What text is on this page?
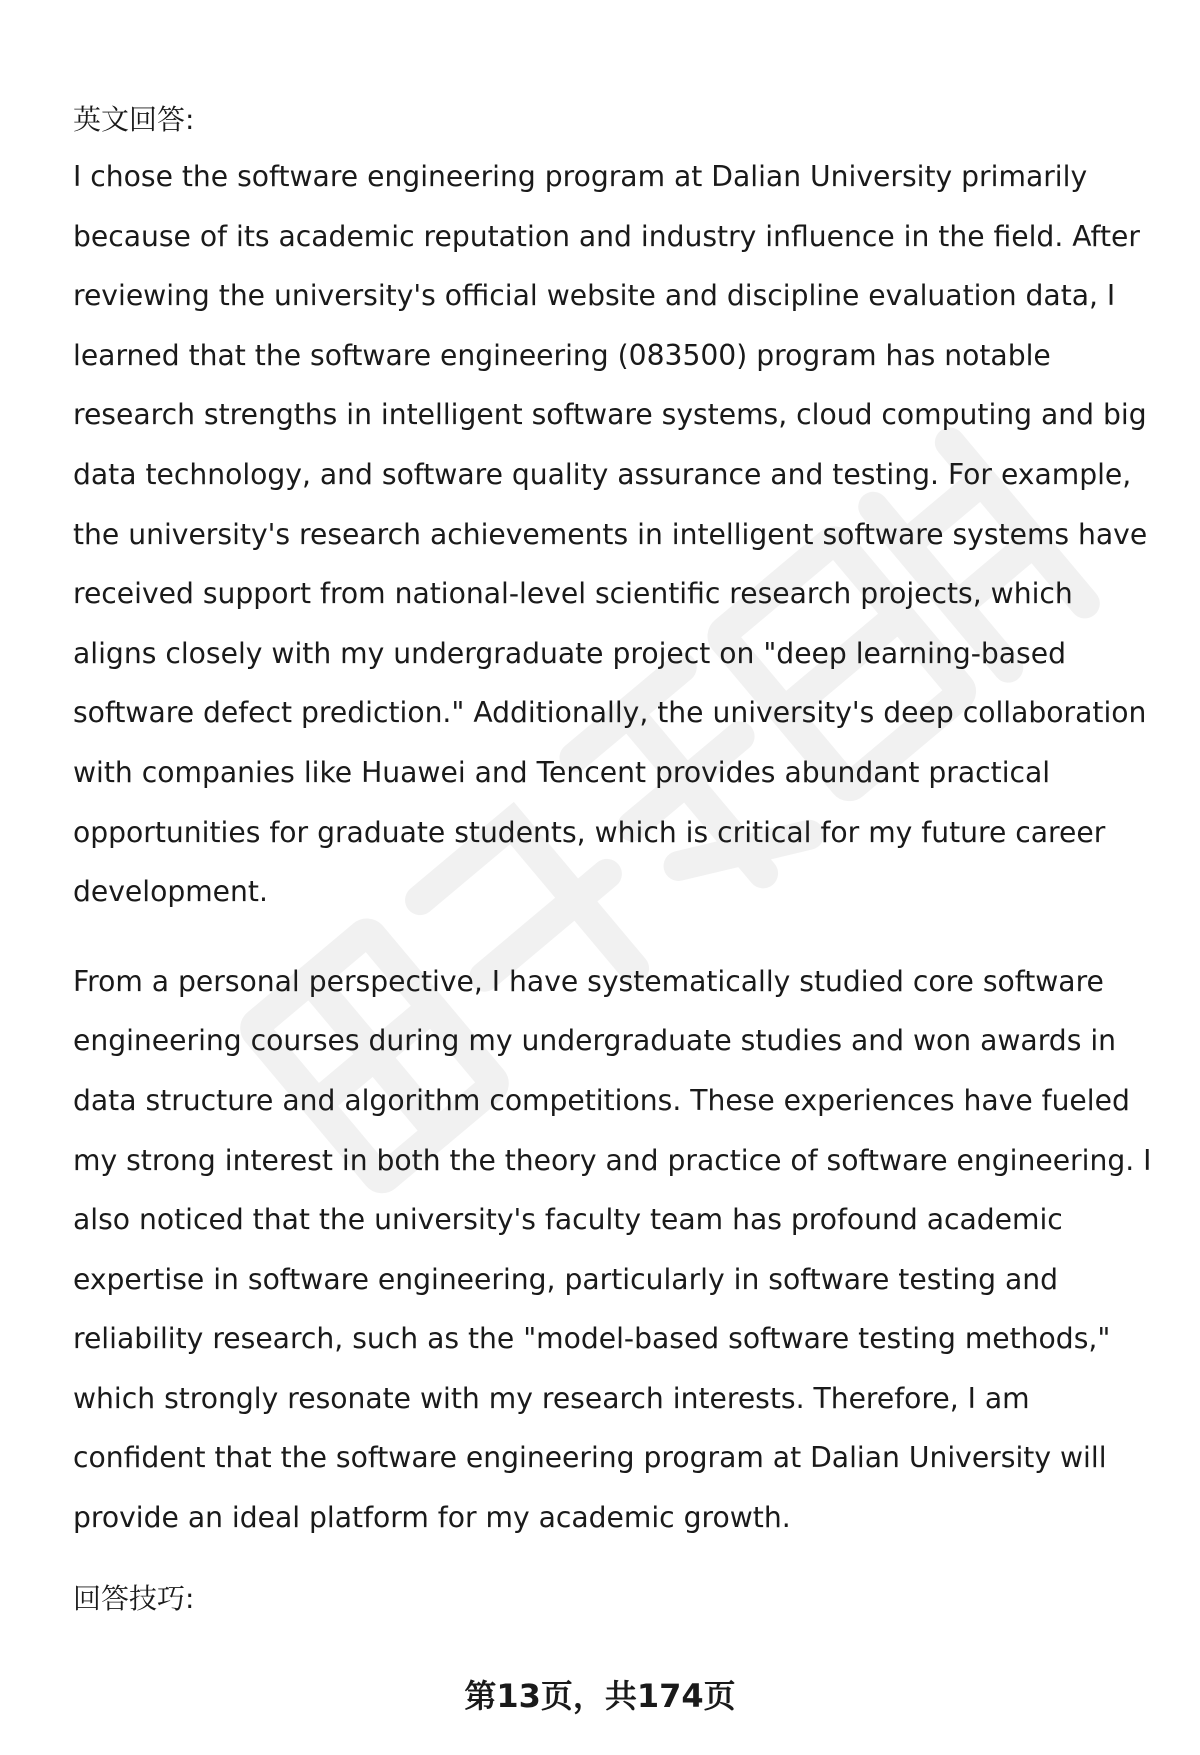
英文回答:

I chose the software engineering program at Dalian University primarily because of its academic reputation and industry influence in the field. After reviewing the university's official website and discipline evaluation data, I learned that the software engineering (083500) program has notable research strengths in intelligent software systems, cloud computing and big data technology, and software quality assurance and testing. For example, the university's research achievements in intelligent software systems have received support from national-level scientific research projects, which aligns closely with my undergraduate project on "deep learning-based software defect prediction." Additionally, the university's deep collaboration with companies like Huawei and Tencent provides abundant practical opportunities for graduate students, which is critical for my future career development.

From a personal perspective, I have systematically studied core software engineering courses during my undergraduate studies and won awards in data structure and algorithm competitions. These experiences have fueled my strong interest in both the theory and practice of software engineering. I also noticed that the university's faculty team has profound academic expertise in software engineering, particularly in software testing and reliability research, such as the "model-based software testing methods," which strongly resonate with my research interests. Therefore, I am confident that the software engineering program at Dalian University will provide an ideal platform for my academic growth.

回答技巧:
第13页，共174页
